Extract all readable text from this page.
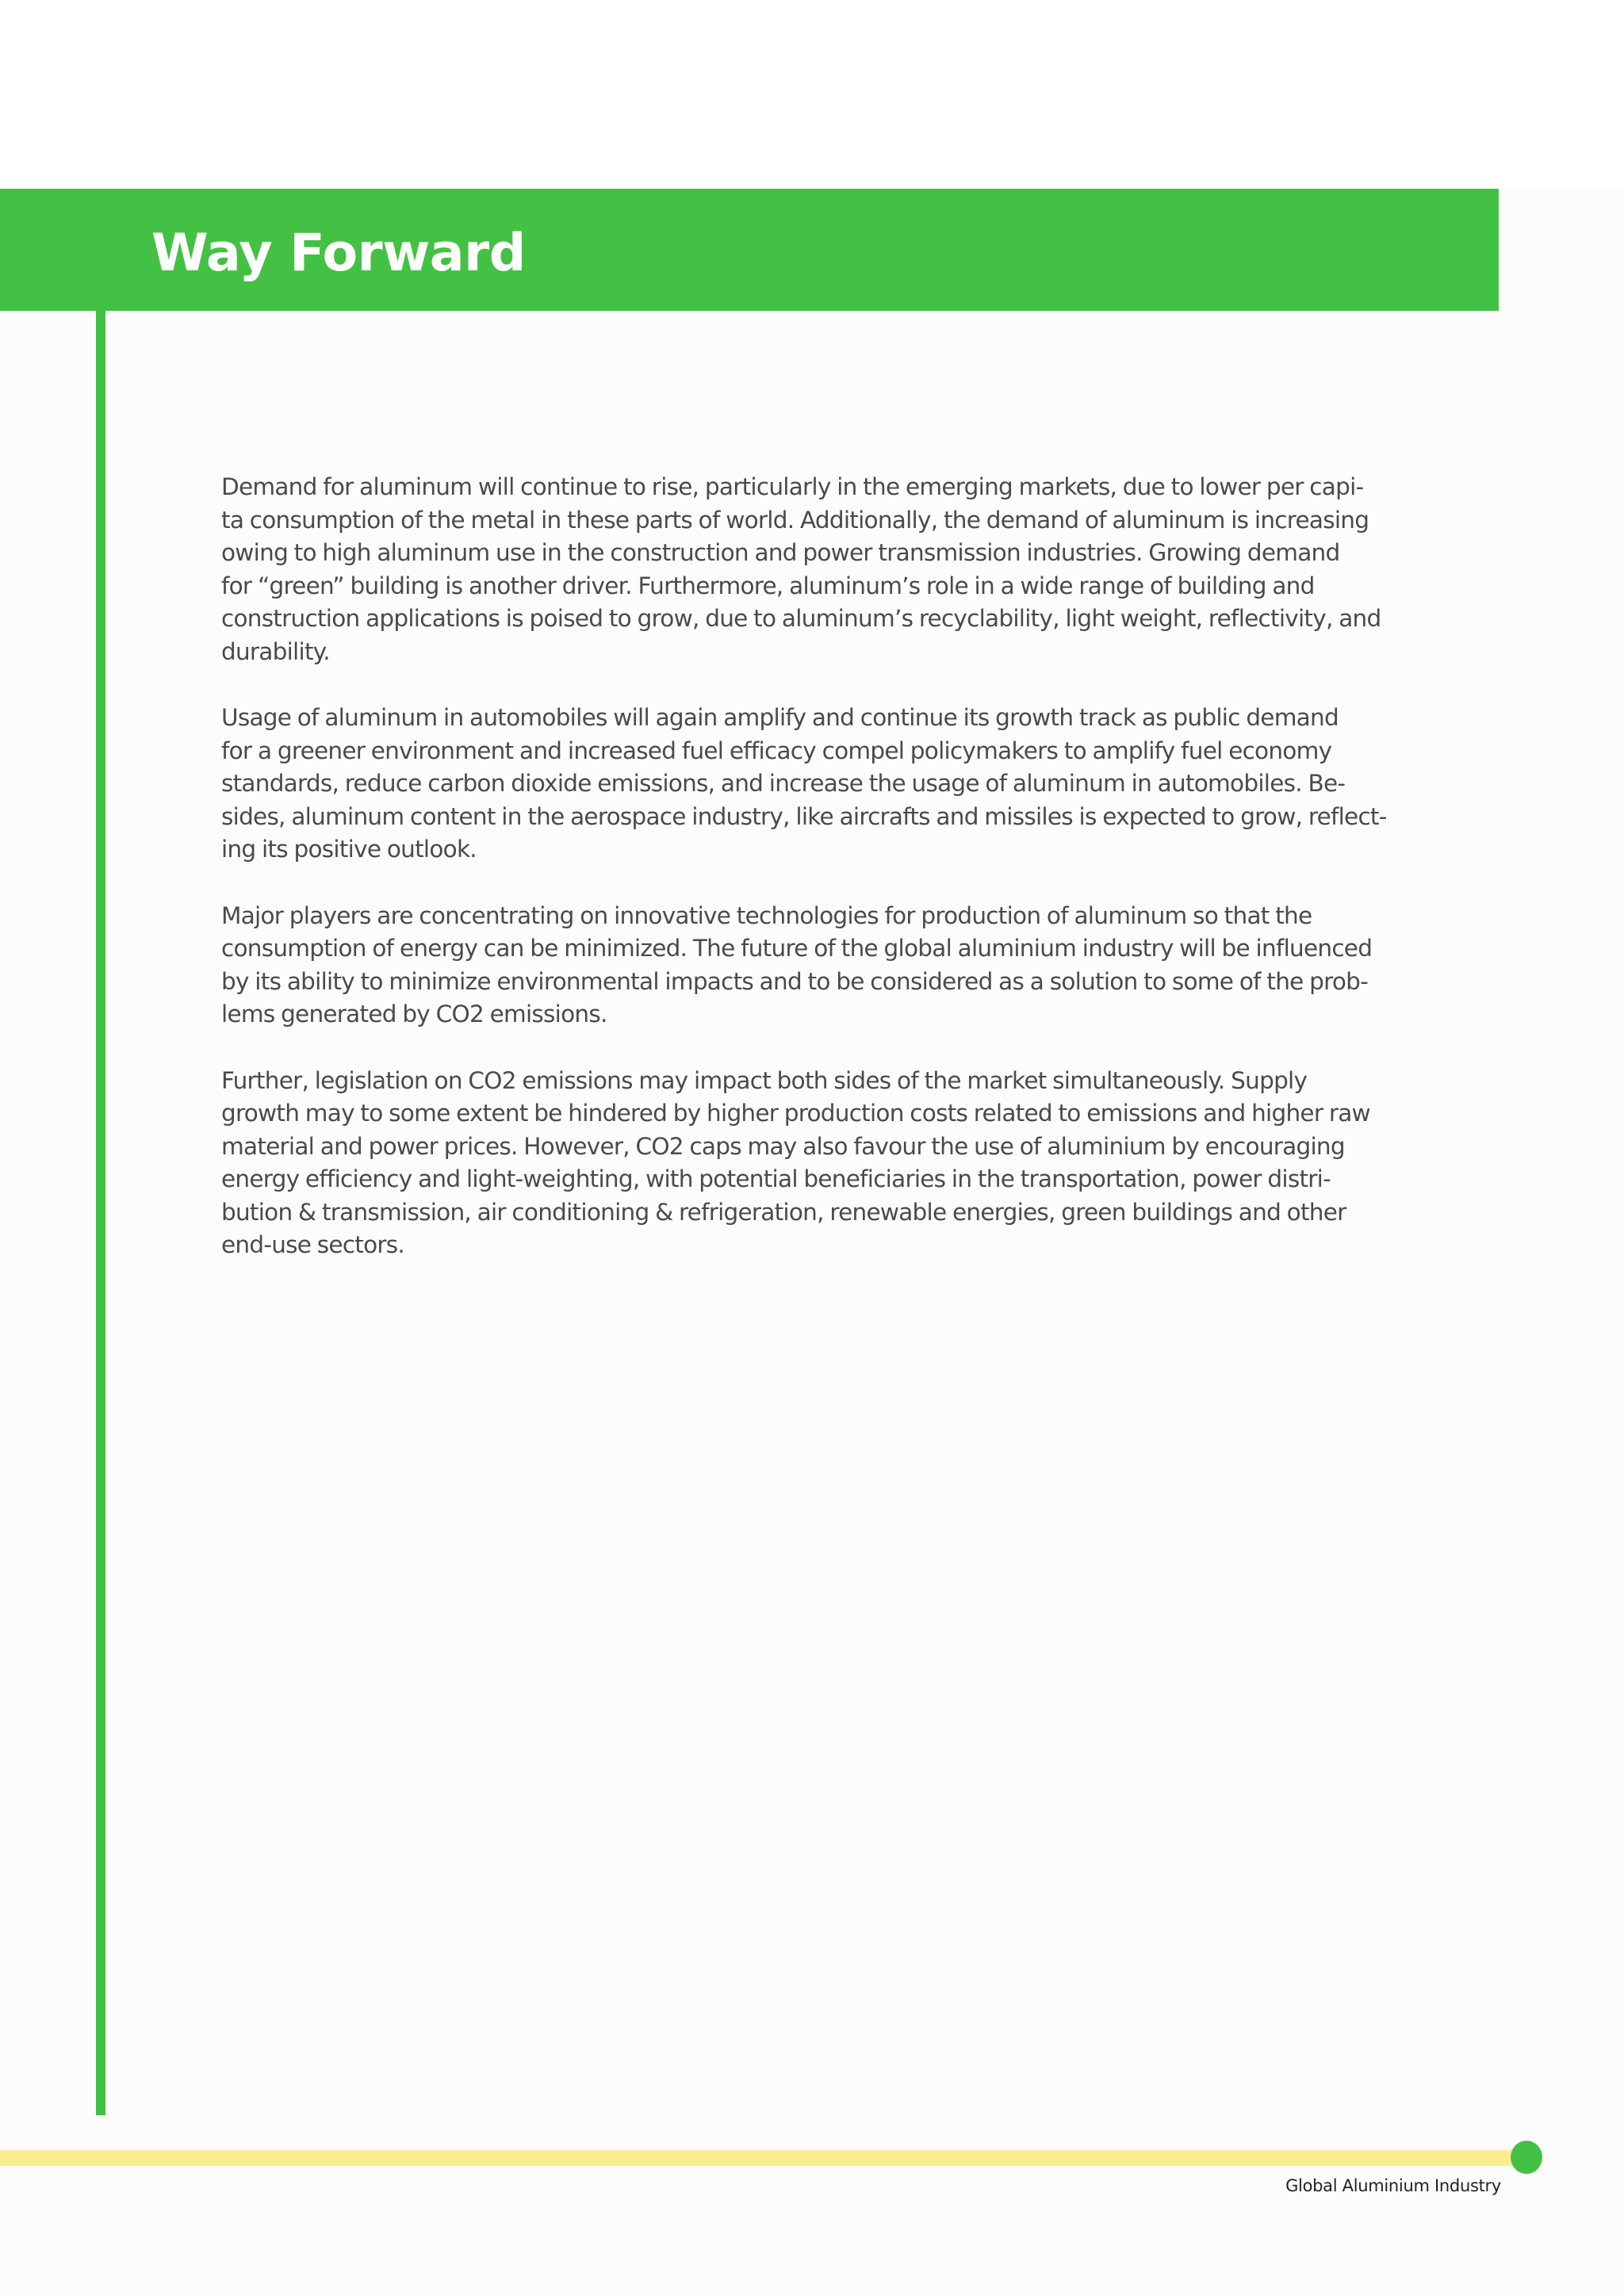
Way Forward

Demand for aluminum will continue to rise, particularly in the emerging markets, due to lower per capi-
ta consumption of the metal in these parts of world. Additionally, the demand of aluminum is increasing
owing to high aluminum use in the construction and power transmission industries. Growing demand
for “green” building is another driver. Furthermore, aluminum’s role in a wide range of building and
construction applications is poised to grow, due to aluminum’s recyclability, light weight, reflectivity, and
durability.

Usage of aluminum in automobiles will again amplify and continue its growth track as public demand
for a greener environment and increased fuel efficacy compel policymakers to amplify fuel economy
standards, reduce carbon dioxide emissions, and increase the usage of aluminum in automobiles. Be-
sides, aluminum content in the aerospace industry, like aircrafts and missiles is expected to grow, reflect-
ing its positive outlook.

Major players are concentrating on innovative technologies for production of aluminum so that the
consumption of energy can be minimized. The future of the global aluminium industry will be influenced
by its ability to minimize environmental impacts and to be considered as a solution to some of the prob-
lems generated by CO2 emissions.

Further, legislation on CO2 emissions may impact both sides of the market simultaneously. Supply
growth may to some extent be hindered by higher production costs related to emissions and higher raw
material and power prices. However, CO2 caps may also favour the use of aluminium by encouraging
energy efficiency and light-weighting, with potential beneficiaries in the transportation, power distri-
bution & transmission, air conditioning & refrigeration, renewable energies, green buildings and other
end-use sectors.

Global Aluminium Industry
